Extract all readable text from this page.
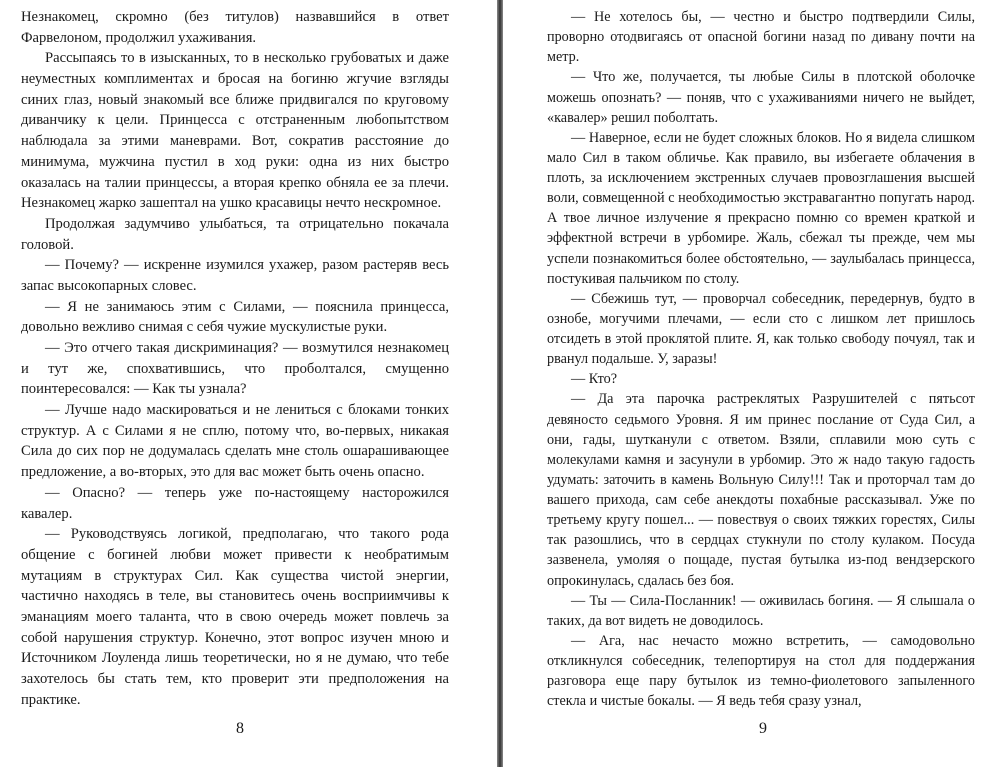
Незнакомец, скромно (без титулов) назвавшийся в ответ Фарвелоном, продолжил ухаживания.

Рассыпаясь то в изысканных, то в несколько грубоватых и даже неуместных комплиментах и бросая на богиню жгучие взгляды синих глаз, новый знакомый все ближе придвигался по круговому диванчику к цели. Принцесса с отстраненным любопытством наблюдала за этими маневрами. Вот, сократив расстояние до минимума, мужчина пустил в ход руки: одна из них быстро оказалась на талии принцессы, а вторая крепко обняла ее за плечи. Незнакомец жарко зашептал на ушко красавицы нечто нескромное.

Продолжая задумчиво улыбаться, та отрицательно покачала головой.

— Почему? — искренне изумился ухажер, разом растеряв весь запас высокопарных словес.

— Я не занимаюсь этим с Силами, — пояснила принцесса, довольно вежливо снимая с себя чужие мускулистые руки.

— Это отчего такая дискриминация? — возмутился незнакомец и тут же, спохватившись, что проболтался, смущенно поинтересовался: — Как ты узнала?

— Лучше надо маскироваться и не лениться с блоками тонких структур. А с Силами я не сплю, потому что, во-первых, никакая Сила до сих пор не додумалась сделать мне столь ошарашивающее предложение, а во-вторых, это для вас может быть очень опасно.

— Опасно? — теперь уже по-настоящему насторожился кавалер.

— Руководствуясь логикой, предполагаю, что такого рода общение с богиней любви может привести к необратимым мутациям в структурах Сил. Как существа чистой энергии, частично находясь в теле, вы становитесь очень восприимчивы к эманациям моего таланта, что в свою очередь может повлечь за собой нарушения структур. Конечно, этот вопрос изучен мною и Источником Лоуленда лишь теоретически, но я не думаю, что тебе захотелось бы стать тем, кто проверит эти предположения на практике.

8

— Не хотелось бы, — честно и быстро подтвердили Силы, проворно отодвигаясь от опасной богини назад по дивану почти на метр.

— Что же, получается, ты любые Силы в плотской оболочке можешь опознать? — поняв, что с ухаживаниями ничего не выйдет, «кавалер» решил поболтать.

— Наверное, если не будет сложных блоков. Но я видела слишком мало Сил в таком обличье. Как правило, вы избегаете облачения в плоть, за исключением экстренных случаев провозглашения высшей воли, совмещенной с необходимостью экстравагантно попугать народ. А твое личное излучение я прекрасно помню со времен краткой и эффектной встречи в урбомире. Жаль, сбежал ты прежде, чем мы успели познакомиться более обстоятельно, — заулыбалась принцесса, постукивая пальчиком по столу.

— Сбежишь тут, — проворчал собеседник, передернув, будто в ознобе, могучими плечами, — если сто с лишком лет пришлось отсидеть в этой проклятой плите. Я, как только свободу почуял, так и рванул подальше. У, заразы!

— Кто?

— Да эта парочка растреклятых Разрушителей с пятьсот девяносто седьмого Уровня. Я им принес послание от Суда Сил, а они, гады, шутканули с ответом. Взяли, сплавили мою суть с молекулами камня и засунули в урбомир. Это ж надо такую гадость удумать: заточить в камень Вольную Силу!!! Так и проторчал там до вашего прихода, сам себе анекдоты похабные рассказывал. Уже по третьему кругу пошел... — повествуя о своих тяжких горестях, Силы так разошлись, что в сердцах стукнули по столу кулаком. Посуда зазвенела, умоляя о пощаде, пустая бутылка из-под вендзерского опрокинулась, сдалась без боя.

— Ты — Сила-Посланник! — оживилась богиня. — Я слышала о таких, да вот видеть не доводилось.

— Ага, нас нечасто можно встретить, — самодовольно откликнулся собеседник, телепортируя на стол для поддержания разговора еще пару бутылок из темно-фиолетового запыленного стекла и чистые бокалы. — Я ведь тебя сразу узнал,

9
